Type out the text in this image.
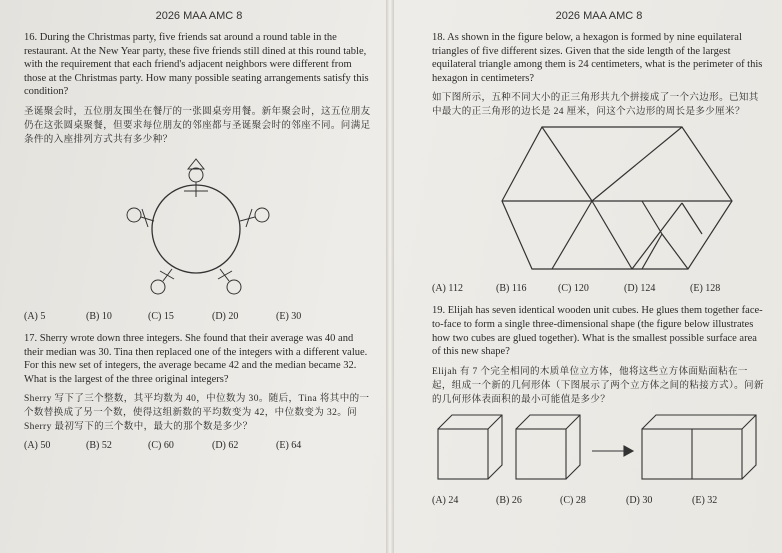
2026 MAA AMC 8

16. During the Christmas party, five friends sat around a round table in the restaurant. At the New Year party, these five friends still dined at this round table, with the requirement that each friend's adjacent neighbors were different from those at the Christmas party. How many possible seating arrangements satisfy this condition?

圣诞聚会时，五位朋友围坐在餐厅的一张圆桌旁用餐。新年聚会时，这五位朋友仍在这张圆桌聚餐，但要求每位朋友的邻座都与圣诞聚会时的邻座不同。问满足条件的入座排列方式共有多少种？

(A) 5	(B) 10	(C) 15	(D) 20	(E) 30

17. Sherry wrote down three integers. She found that their average was 40 and their median was 30. Tina then replaced one of the integers with a different value. For this new set of integers, the average became 42 and the median became 32. What is the largest of the three original integers?

Sherry 写下了三个整数，其平均数为 40，中位数为 30。随后，Tina 将其中的一个数替换成了另一个数，使得这组新数的平均数变为 42，中位数变为 32。问 Sherry 最初写下的三个数中，最大的那个数是多少？

(A) 50	(B) 52	(C) 60	(D) 62	(E) 64
2026 MAA AMC 8

18. As shown in the figure below, a hexagon is formed by nine equilateral triangles of five different sizes. Given that the side length of the largest equilateral triangle among them is 24 centimeters, what is the perimeter of this hexagon in centimeters?

如下图所示，五种不同大小的正三角形共九个拼接成了一个六边形。已知其中最大的正三角形的边长是 24 厘米，问这个六边形的周长是多少厘米？

(A) 112	(B) 116	(C) 120	(D) 124	(E) 128

19. Elijah has seven identical wooden unit cubes. He glues them together face-to-face to form a single three-dimensional shape (the figure below illustrates how two cubes are glued together). What is the smallest possible surface area of this new shape?

Elijah 有 7 个完全相同的木质单位立方体，他将这些立方体面贴面粘在一起，组成一个新的几何形体（下图展示了两个立方体之间的粘接方式）。问新的几何形体表面积的最小可能值是多少？

(A) 24	(B) 26	(C) 28	(D) 30	(E) 32
